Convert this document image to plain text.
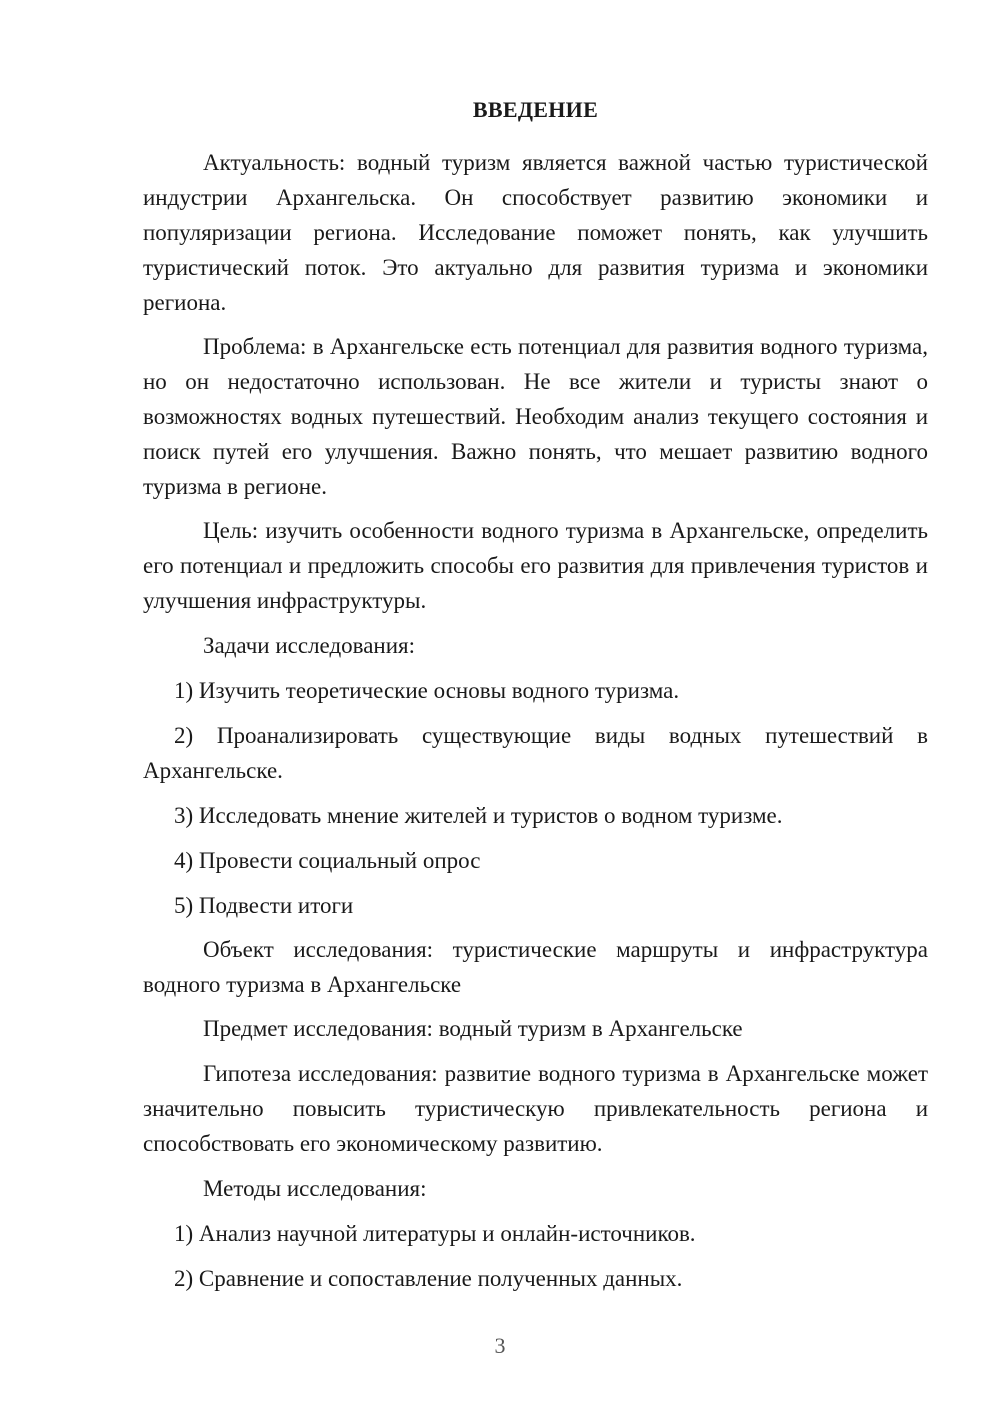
ВВЕДЕНИЕ

Актуальность: водный туризм является важной частью туристической индустрии Архангельска. Он способствует развитию экономики и популяризации региона. Исследование поможет понять, как улучшить туристический поток. Это актуально для развития туризма и экономики региона.

Проблема: в Архангельске есть потенциал для развития водного туризма, но он недостаточно использован. Не все жители и туристы знают о возможностях водных путешествий. Необходим анализ текущего состояния и поиск путей его улучшения. Важно понять, что мешает развитию водного туризма в регионе.

Цель: изучить особенности водного туризма в Архангельске, определить его потенциал и предложить способы его развития для привлечения туристов и улучшения инфраструктуры.

Задачи исследования:

1) Изучить теоретические основы водного туризма.

2) Проанализировать существующие виды водных путешествий в Архангельске.

3) Исследовать мнение жителей и туристов о водном туризме.

4) Провести социальный опрос

5) Подвести итоги

Объект исследования: туристические маршруты и инфраструктура водного туризма в Архангельске

Предмет исследования: водный туризм в Архангельске

Гипотеза исследования: развитие водного туризма в Архангельске может значительно повысить туристическую привлекательность региона и способствовать его экономическому развитию.

Методы исследования:

1) Анализ научной литературы и онлайн-источников.

2) Сравнение и сопоставление полученных данных.

3
